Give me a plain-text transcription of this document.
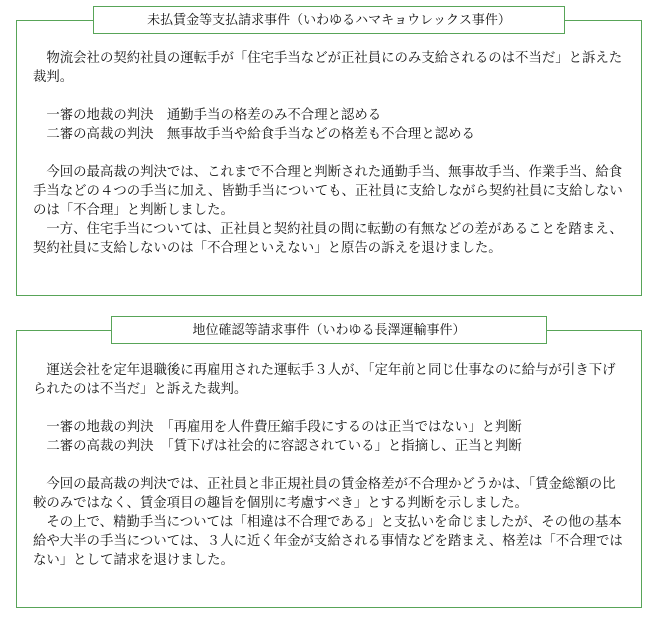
未払賃金等支払請求事件（いわゆるハマキョウレックス事件）

物流会社の契約社員の運転手が「住宅手当などが正社員にのみ支給されるのは不当だ」と訴えた裁判。

一審の地裁の判決　通勤手当の格差のみ不合理と認める
二審の高裁の判決　無事故手当や給食手当などの格差も不合理と認める

今回の最高裁の判決では、これまで不合理と判断された通勤手当、無事故手当、作業手当、給食手当などの４つの手当に加え、皆勤手当についても、正社員に支給しながら契約社員に支給しないのは「不合理」と判断しました。

一方、住宅手当については、正社員と契約社員の間に転勤の有無などの差があることを踏まえ、契約社員に支給しないのは「不合理といえない」と原告の訴えを退けました。

地位確認等請求事件（いわゆる長澤運輸事件）

運送会社を定年退職後に再雇用された運転手３人が、「定年前と同じ仕事なのに給与が引き下げられたのは不当だ」と訴えた裁判。

一審の地裁の判決　「再雇用を人件費圧縮手段にするのは正当ではない」と判断
二審の高裁の判決　「賃下げは社会的に容認されている」と指摘し、正当と判断

今回の最高裁の判決では、正社員と非正規社員の賃金格差が不合理かどうかは、「賃金総額の比較のみではなく、賃金項目の趣旨を個別に考慮すべき」とする判断を示しました。

その上で、精勤手当については「相違は不合理である」と支払いを命じましたが、その他の基本給や大半の手当については、３人に近く年金が支給される事情などを踏まえ、格差は「不合理ではない」として請求を退けました。
